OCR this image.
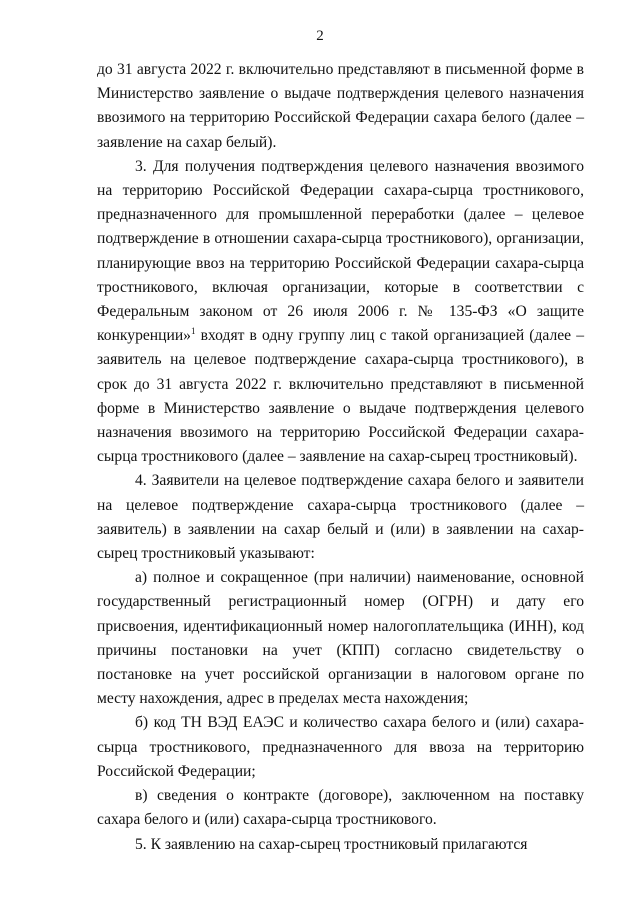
2

до 31 августа 2022 г. включительно представляют в письменной форме в Министерство заявление о выдаче подтверждения целевого назначения ввозимого на территорию Российской Федерации сахара белого (далее – заявление на сахар белый).

3. Для получения подтверждения целевого назначения ввозимого на территорию Российской Федерации сахара-сырца тростникового, предназначенного для промышленной переработки (далее – целевое подтверждение в отношении сахара-сырца тростникового), организации, планирующие ввоз на территорию Российской Федерации сахара-сырца тростникового, включая организации, которые в соответствии с Федеральным законом от 26 июля 2006 г. № 135-ФЗ «О защите конкуренции»$^1$ входят в одну группу лиц с такой организацией (далее – заявитель на целевое подтверждение сахара-сырца тростникового), в срок до 31 августа 2022 г. включительно представляют в письменной форме в Министерство заявление о выдаче подтверждения целевого назначения ввозимого на территорию Российской Федерации сахара-сырца тростникового (далее – заявление на сахар-сырец тростниковый).

4. Заявители на целевое подтверждение сахара белого и заявители на целевое подтверждение сахара-сырца тростникового (далее – заявитель) в заявлении на сахар белый и (или) в заявлении на сахар-сырец тростниковый указывают:

а) полное и сокращенное (при наличии) наименование, основной государственный регистрационный номер (ОГРН) и дату его присвоения, идентификационный номер налогоплательщика (ИНН), код причины постановки на учет (КПП) согласно свидетельству о постановке на учет российской организации в налоговом органе по месту нахождения, адрес в пределах места нахождения;

б) код ТН ВЭД ЕАЭС и количество сахара белого и (или) сахара-сырца тростникового, предназначенного для ввоза на территорию Российской Федерации;

в) сведения о контракте (договоре), заключенном на поставку сахара белого и (или) сахара-сырца тростникового.

5. К заявлению на сахар-сырец тростниковый прилагаются
